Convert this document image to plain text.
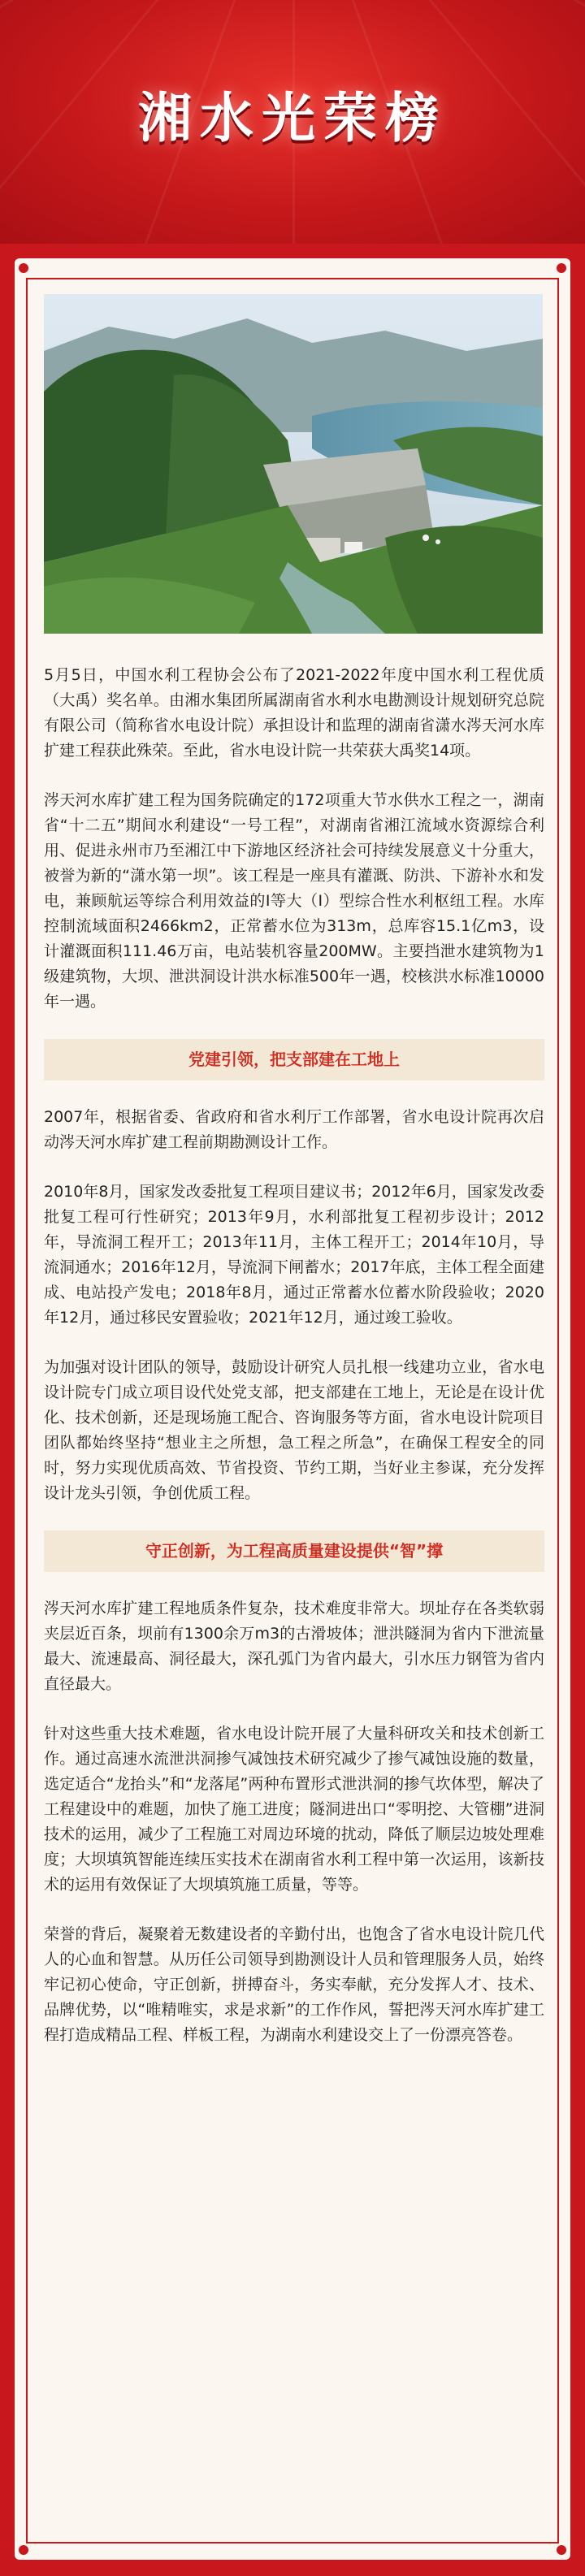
湘水光荣榜

5月5日，中国水利工程协会公布了2021-2022年度中国水利工程优质（大禹）奖名单。由湘水集团所属湖南省水利水电勘测设计规划研究总院有限公司（简称省水电设计院）承担设计和监理的湖南省潇水涔天河水库扩建工程获此殊荣。至此，省水电设计院一共荣获大禹奖14项。

涔天河水库扩建工程为国务院确定的172项重大节水供水工程之一，湖南省“十二五”期间水利建设“一号工程”，对湖南省湘江流域水资源综合利用、促进永州市乃至湘江中下游地区经济社会可持续发展意义十分重大，被誉为新的“潇水第一坝”。该工程是一座具有灌溉、防洪、下游补水和发电，兼顾航运等综合利用效益的Ⅰ等大（Ⅰ）型综合性水利枢纽工程。水库控制流域面积2466km2，正常蓄水位为313m，总库容15.1亿m3，设计灌溉面积111.46万亩，电站装机容量200MW。主要挡泄水建筑物为1级建筑物，大坝、泄洪洞设计洪水标准500年一遇，校核洪水标准10000年一遇。

党建引领，把支部建在工地上

2007年，根据省委、省政府和省水利厅工作部署，省水电设计院再次启动涔天河水库扩建工程前期勘测设计工作。

2010年8月，国家发改委批复工程项目建议书；2012年6月，国家发改委批复工程可行性研究；2013年9月，水利部批复工程初步设计；2012年，导流洞工程开工；2013年11月，主体工程开工；2014年10月，导流洞通水；2016年12月，导流洞下闸蓄水；2017年底，主体工程全面建成、电站投产发电；2018年8月，通过正常蓄水位蓄水阶段验收；2020年12月，通过移民安置验收；2021年12月，通过竣工验收。

为加强对设计团队的领导，鼓励设计研究人员扎根一线建功立业，省水电设计院专门成立项目设代处党支部，把支部建在工地上，无论是在设计优化、技术创新，还是现场施工配合、咨询服务等方面，省水电设计院项目团队都始终坚持“想业主之所想，急工程之所急”，在确保工程安全的同时，努力实现优质高效、节省投资、节约工期，当好业主参谋，充分发挥设计龙头引领，争创优质工程。

守正创新，为工程高质量建设提供“智”撑

涔天河水库扩建工程地质条件复杂，技术难度非常大。坝址存在各类软弱夹层近百条，坝前有1300余万m3的古滑坡体；泄洪隧洞为省内下泄流量最大、流速最高、洞径最大，深孔弧门为省内最大，引水压力钢管为省内直径最大。

针对这些重大技术难题，省水电设计院开展了大量科研攻关和技术创新工作。通过高速水流泄洪洞掺气减蚀技术研究减少了掺气减蚀设施的数量，选定适合“龙抬头”和“龙落尾”两种布置形式泄洪洞的掺气坎体型，解决了工程建设中的难题，加快了施工进度；隧洞进出口“零明挖、大管棚”进洞技术的运用，减少了工程施工对周边环境的扰动，降低了顺层边坡处理难度；大坝填筑智能连续压实技术在湖南省水利工程中第一次运用，该新技术的运用有效保证了大坝填筑施工质量，等等。

荣誉的背后，凝聚着无数建设者的辛勤付出，也饱含了省水电设计院几代人的心血和智慧。从历任公司领导到勘测设计人员和管理服务人员，始终牢记初心使命，守正创新，拼搏奋斗，务实奉献，充分发挥人才、技术、品牌优势，以“唯精唯实，求是求新”的工作作风，誓把涔天河水库扩建工程打造成精品工程、样板工程，为湖南水利建设交上了一份漂亮答卷。
